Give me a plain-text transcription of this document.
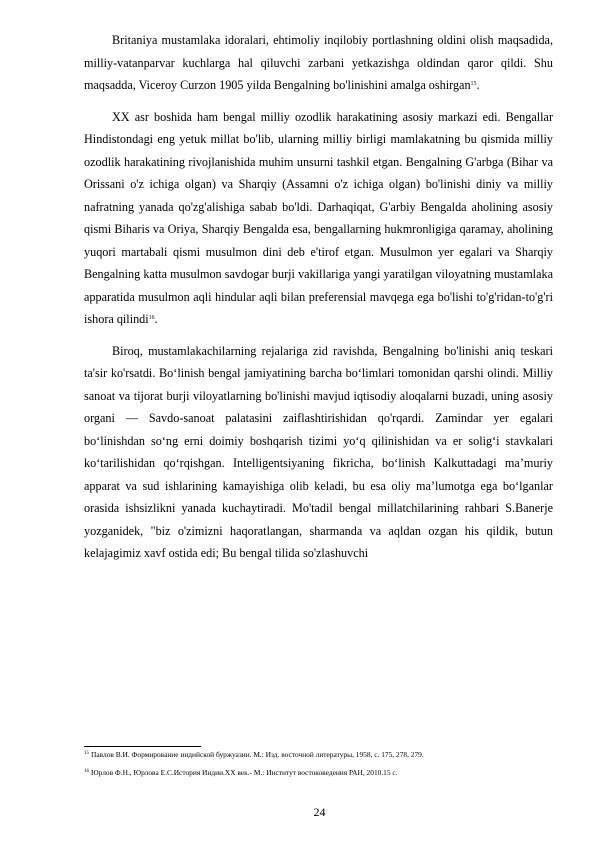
Britaniya mustamlaka idoralari, ehtimoliy inqilobiy portlashning oldini olish maqsadida, milliy-vatanparvar kuchlarga hal qiluvchi zarbani yetkazishga oldindan qaror qildi. Shu maqsadda, Viceroy Curzon 1905 yilda Bengalning bo'linishini amalga oshirgan$^{15}$.

XX asr boshida ham bengal milliy ozodlik harakatining asosiy markazi edi. Bengallar Hindistondagi eng yetuk millat bo'lib, ularning milliy birligi mamlakatning bu qismida milliy ozodlik harakatining rivojlanishida muhim unsurni tashkil etgan. Bengalning G'arbga (Bihar va Orissani o'z ichiga olgan) va Sharqiy (Assamni o'z ichiga olgan) bo'linishi diniy va milliy nafratning yanada qo'zg'alishiga sabab bo'ldi. Darhaqiqat, G'arbiy Bengalda aholining asosiy qismi Biharis va Oriya, Sharqiy Bengalda esa, bengallarning hukmronligiga qaramay, aholining yuqori martabali qismi musulmon dini deb e'tirof etgan. Musulmon yer egalari va Sharqiy Bengalning katta musulmon savdogar burji vakillariga yangi yaratilgan viloyatning mustamlaka apparatida musulmon aqli hindular aqli bilan preferensial mavqega ega bo'lishi to'g'ridan-to'g'ri ishora qilindi$^{16}$.

Biroq, mustamlakachilarning rejalariga zid ravishda, Bengalning bo'linishi aniq teskari ta'sir ko'rsatdi. Bo‘linish bengal jamiyatining barcha bo‘limlari tomonidan qarshi olindi. Milliy sanoat va tijorat burji viloyatlarning bo'linishi mavjud iqtisodiy aloqalarni buzadi, uning asosiy organi — Savdo-sanoat palatasini zaiflashtirishidan qo'rqardi. Zamindar yer egalari bo‘linishdan so‘ng erni doimiy boshqarish tizimi yo‘q qilinishidan va er solig‘i stavkalari ko‘tarilishidan qo‘rqishgan. Intelligentsiyaning fikricha, bo‘linish Kalkuttadagi maʼmuriy apparat va sud ishlarining kamayishiga olib keladi, bu esa oliy maʼlumotga ega bo‘lganlar orasida ishsizlikni yanada kuchaytiradi. Mo'tadil bengal millatchilarining rahbari S.Banerje yozganidek, "biz o'zimizni haqoratlangan, sharmanda va aqldan ozgan his qildik, butun kelajagimiz xavf ostida edi; Bu bengal tilida so'zlashuvchi

$^{15}$ Павлов В.И. Формирование индийской буржуазии. М.: Изд. восточной литературы, 1958, с. 175, 278, 279.

$^{16}$ Юрлов Ф.Н., Юрлова Е.С.История Индии.XX век.- М.: Институт востоковедения РАН, 2010.15 с.

24
